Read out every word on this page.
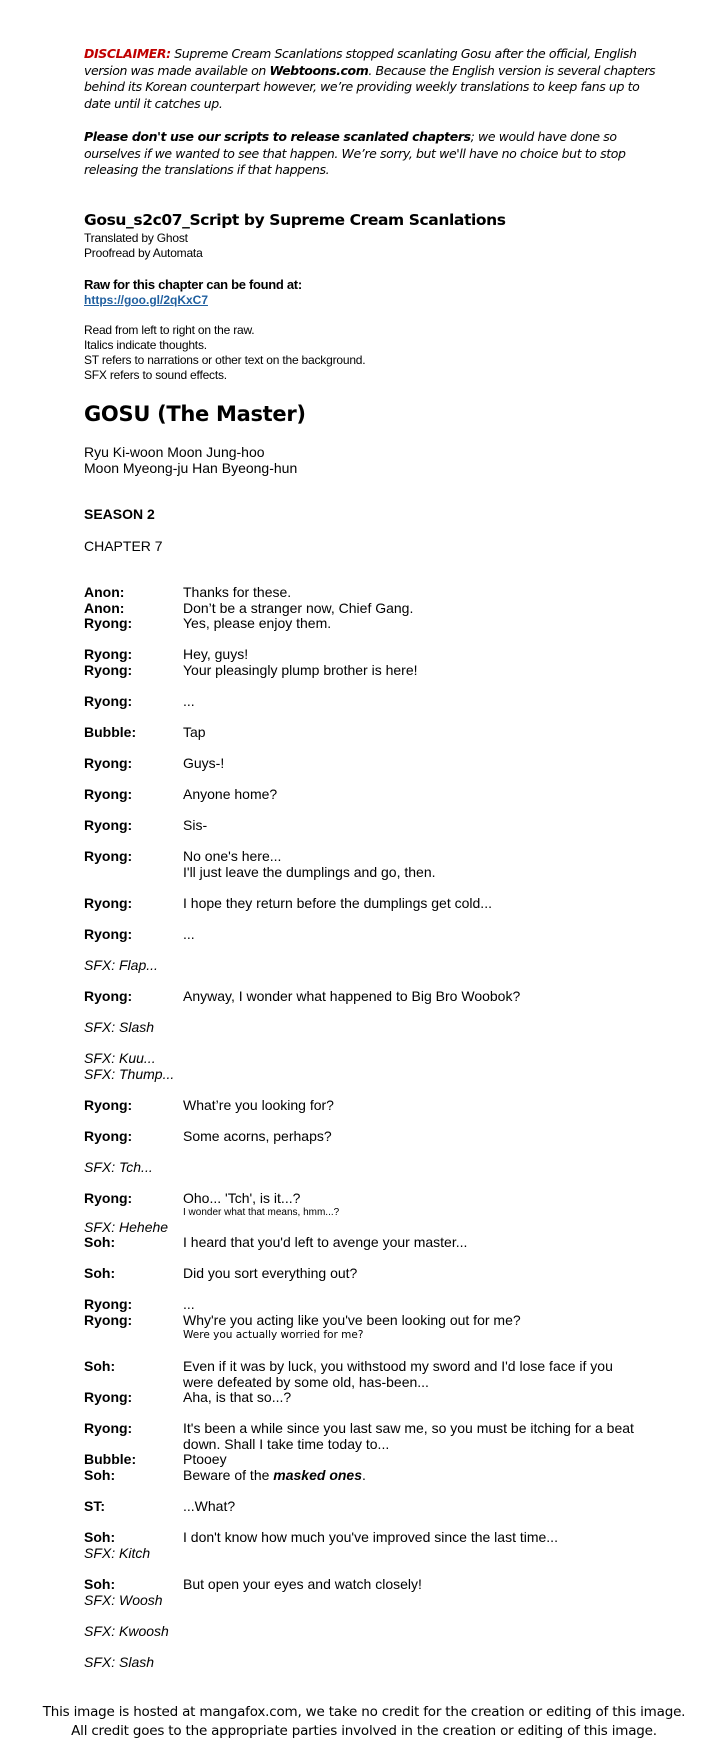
DISCLAIMER: Supreme Cream Scanlations stopped scanlating Gosu after the official, English version was made available on Webtoons.com. Because the English version is several chapters behind its Korean counterpart however, we’re providing weekly translations to keep fans up to date until it catches up.
Please don't use our scripts to release scanlated chapters; we would have done so ourselves if we wanted to see that happen. We’re sorry, but we'll have no choice but to stop releasing the translations if that happens.
Gosu_s2c07_Script by Supreme Cream Scanlations
Translated by Ghost
Proofread by Automata
Raw for this chapter can be found at:
https://goo.gl/2qKxC7
Read from left to right on the raw.
Italics indicate thoughts.
ST refers to narrations or other text on the background.
SFX refers to sound effects.
GOSU (The Master)
Ryu Ki-woon Moon Jung-hoo
Moon Myeong-ju Han Byeong-hun
SEASON 2
CHAPTER 7
Anon:	Thanks for these.
Anon:	Don’t be a stranger now, Chief Gang.
Ryong:	Yes, please enjoy them.
Ryong:	Hey, guys!
Ryong:	Your pleasingly plump brother is here!
Ryong:	...
Bubble:	Tap
Ryong:	Guys-!
Ryong:	Anyone home?
Ryong:	Sis-
Ryong:	No one's here...
I'll just leave the dumplings and go, then.
Ryong:	I hope they return before the dumplings get cold...
Ryong:	...
SFX: Flap...
Ryong:	Anyway, I wonder what happened to Big Bro Woobok?
SFX: Slash
SFX: Kuu...
SFX: Thump...
Ryong:	What’re you looking for?
Ryong:	Some acorns, perhaps?
SFX: Tch...
Ryong:	Oho... 'Tch', is it...?
I wonder what that means, hmm...?
SFX: Hehehe
Soh:	I heard that you'd left to avenge your master...
Soh:	Did you sort everything out?
Ryong:	...
Ryong:	Why're you acting like you've been looking out for me?
Were you actually worried for me?
Soh:	Even if it was by luck, you withstood my sword and I'd lose face if you
were defeated by some old, has-been...
Ryong:	Aha, is that so...?
Ryong:	It's been a while since you last saw me, so you must be itching for a beat
down. Shall I take time today to...
Bubble:	Ptooey
Soh:	Beware of the masked ones.
ST:	...What?
Soh:	I don't know how much you've improved since the last time...
SFX: Kitch
Soh:	But open your eyes and watch closely!
SFX: Woosh
SFX: Kwoosh
SFX: Slash
This image is hosted at mangafox.com, we take no credit for the creation or editing of this image.
All credit goes to the appropriate parties involved in the creation or editing of this image.
